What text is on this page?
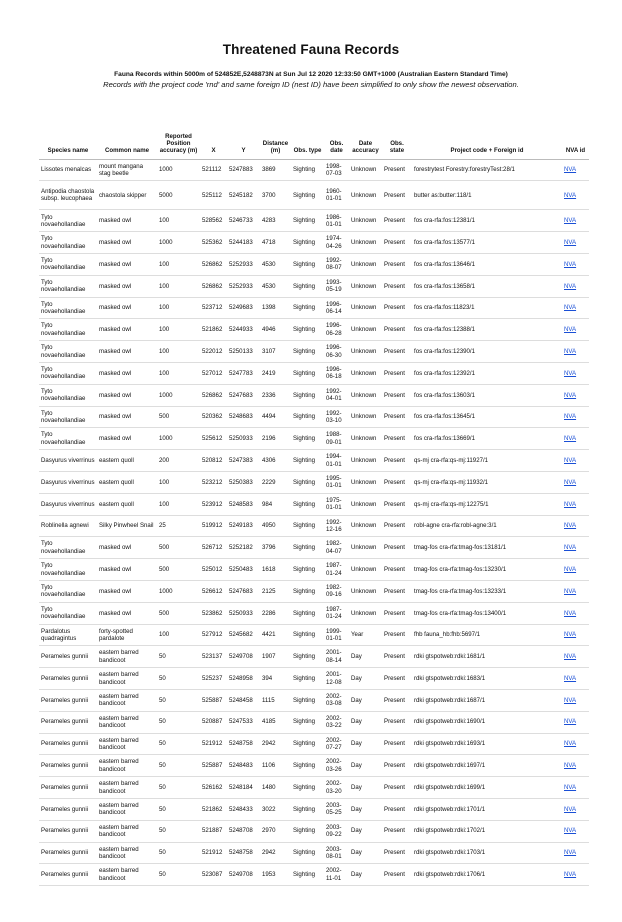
Threatened Fauna Records
Fauna Records within 5000m of 524852E,5248873N at Sun Jul 12 2020 12:33:50 GMT+1000 (Australian Eastern Standard Time)
Records with the project code 'rnd' and same foreign ID (nest ID) have been simplified to only show the newest observation.
Species name	Common name	Reported Position accuracy (m)	X	Y	Distance (m)	Obs. type	Obs. date	Date accuracy	Obs. state	Project code + Foreign id	NVA id
Lissotes menalcas	mount mangana stag beetle	1000	521112	5247883	3869	Sighting	1998-07-03	Unknown	Present	forestrytest Forestry:forestryTest:28/1	NVA
Antipodia chaostola subsp. leucophaea	chaostola skipper	5000	525112	5245182	3700	Sighting	1960-01-01	Unknown	Present	butter as:butter:118/1	NVA
Tyto novaehollandiae	masked owl	100	528562	5246733	4283	Sighting	1986-01-01	Unknown	Present	fos cra-rfa:fos:12381/1	NVA
Tyto novaehollandiae	masked owl	1000	525362	5244183	4718	Sighting	1974-04-26	Unknown	Present	fos cra-rfa:fos:13577/1	NVA
Tyto novaehollandiae	masked owl	100	526862	5252933	4530	Sighting	1992-08-07	Unknown	Present	fos cra-rfa:fos:13646/1	NVA
Tyto novaehollandiae	masked owl	100	526862	5252933	4530	Sighting	1993-05-19	Unknown	Present	fos cra-rfa:fos:13658/1	NVA
Tyto novaehollandiae	masked owl	100	523712	5249683	1398	Sighting	1996-06-14	Unknown	Present	fos cra-rfa:fos:11823/1	NVA
Tyto novaehollandiae	masked owl	100	521862	5244933	4946	Sighting	1996-06-28	Unknown	Present	fos cra-rfa:fos:12388/1	NVA
Tyto novaehollandiae	masked owl	100	522012	5250133	3107	Sighting	1996-06-30	Unknown	Present	fos cra-rfa:fos:12390/1	NVA
Tyto novaehollandiae	masked owl	100	527012	5247783	2419	Sighting	1996-06-18	Unknown	Present	fos cra-rfa:fos:12392/1	NVA
Tyto novaehollandiae	masked owl	1000	526862	5247683	2336	Sighting	1992-04-01	Unknown	Present	fos cra-rfa:fos:13603/1	NVA
Tyto novaehollandiae	masked owl	500	520362	5248683	4494	Sighting	1992-03-10	Unknown	Present	fos cra-rfa:fos:13645/1	NVA
Tyto novaehollandiae	masked owl	1000	525612	5250933	2196	Sighting	1988-09-01	Unknown	Present	fos cra-rfa:fos:13669/1	NVA
Dasyurus viverrinus	eastern quoll	200	520812	5247383	4306	Sighting	1994-01-01	Unknown	Present	qs-mj cra-rfa:qs-mj:11927/1	NVA
Dasyurus viverrinus	eastern quoll	100	523212	5250383	2229	Sighting	1995-01-01	Unknown	Present	qs-mj cra-rfa:qs-mj:11932/1	NVA
Dasyurus viverrinus	eastern quoll	100	523912	5248583	984	Sighting	1975-01-01	Unknown	Present	qs-mj cra-rfa:qs-mj:12275/1	NVA
Roblinella agnewi	Silky Pinwheel Snail	25	519912	5249183	4950	Sighting	1992-12-16	Unknown	Present	robl-agne cra-rfa:robl-agne:3/1	NVA
Tyto novaehollandiae	masked owl	500	526712	5252182	3796	Sighting	1982-04-07	Unknown	Present	tmag-fos cra-rfa:tmag-fos:13181/1	NVA
Tyto novaehollandiae	masked owl	500	525012	5250483	1618	Sighting	1987-01-24	Unknown	Present	tmag-fos cra-rfa:tmag-fos:13230/1	NVA
Tyto novaehollandiae	masked owl	1000	526612	5247683	2125	Sighting	1982-09-16	Unknown	Present	tmag-fos cra-rfa:tmag-fos:13233/1	NVA
Tyto novaehollandiae	masked owl	500	523862	5250933	2286	Sighting	1987-01-24	Unknown	Present	tmag-fos cra-rfa:tmag-fos:13400/1	NVA
Pardalotus quadragintus	forty-spotted pardalote	100	527912	5245682	4421	Sighting	1999-01-01	Year	Present	fhb fauna_hb:fhb:5697/1	NVA
Perameles gunnii	eastern barred bandicoot	50	523137	5249708	1907	Sighting	2001-08-14	Day	Present	rdki gtspotweb:rdki:1681/1	NVA
Perameles gunnii	eastern barred bandicoot	50	525237	5248958	394	Sighting	2001-12-08	Day	Present	rdki gtspotweb:rdki:1683/1	NVA
Perameles gunnii	eastern barred bandicoot	50	525887	5248458	1115	Sighting	2002-03-08	Day	Present	rdki gtspotweb:rdki:1687/1	NVA
Perameles gunnii	eastern barred bandicoot	50	520887	5247533	4185	Sighting	2002-03-22	Day	Present	rdki gtspotweb:rdki:1690/1	NVA
Perameles gunnii	eastern barred bandicoot	50	521912	5248758	2942	Sighting	2002-07-27	Day	Present	rdki gtspotweb:rdki:1693/1	NVA
Perameles gunnii	eastern barred bandicoot	50	525887	5248483	1106	Sighting	2002-03-26	Day	Present	rdki gtspotweb:rdki:1697/1	NVA
Perameles gunnii	eastern barred bandicoot	50	526162	5248184	1480	Sighting	2002-03-20	Day	Present	rdki gtspotweb:rdki:1699/1	NVA
Perameles gunnii	eastern barred bandicoot	50	521862	5248433	3022	Sighting	2003-05-25	Day	Present	rdki gtspotweb:rdki:1701/1	NVA
Perameles gunnii	eastern barred bandicoot	50	521887	5248708	2970	Sighting	2003-09-22	Day	Present	rdki gtspotweb:rdki:1702/1	NVA
Perameles gunnii	eastern barred bandicoot	50	521912	5248758	2942	Sighting	2003-08-01	Day	Present	rdki gtspotweb:rdki:1703/1	NVA
Perameles gunnii	eastern barred bandicoot	50	523087	5249708	1953	Sighting	2002-11-01	Day	Present	rdki gtspotweb:rdki:1706/1	NVA
